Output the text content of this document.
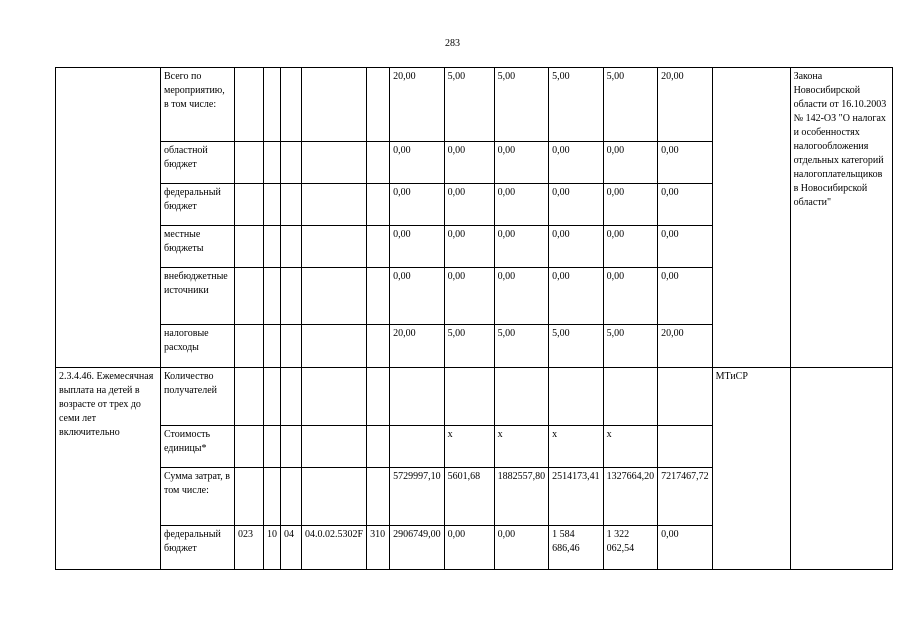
283
	Всего по мероприятию, в том числе:						20,00	5,00	5,00	5,00	5,00	20,00		Закона Новосибирской области от 16.10.2003 № 142-ОЗ "О налогах и особенностях налогообложения отдельных категорий налогоплательщиков в Новосибирской области"
	областной бюджет						0,00	0,00	0,00	0,00	0,00	0,00		
	федеральный бюджет						0,00	0,00	0,00	0,00	0,00	0,00		
	местные бюджеты						0,00	0,00	0,00	0,00	0,00	0,00		
	внебюджетные источники						0,00	0,00	0,00	0,00	0,00	0,00		
	налоговые расходы						20,00	5,00	5,00	5,00	5,00	20,00		
2.3.4.46. Ежемесячная выплата на детей в возрасте от трех до семи лет включительно	Количество получателей												МТиСР	
	Стоимость единицы*							х	х	х	х			
	Сумма затрат, в том числе:						5729997,10	5601,68	1882557,80	2514173,41	1327664,20	7217467,72		
	федеральный бюджет	023	10	04	04.0.02.5302F	310	2906749,00	0,00	0,00	1 584 686,46	1 322 062,54	0,00		
